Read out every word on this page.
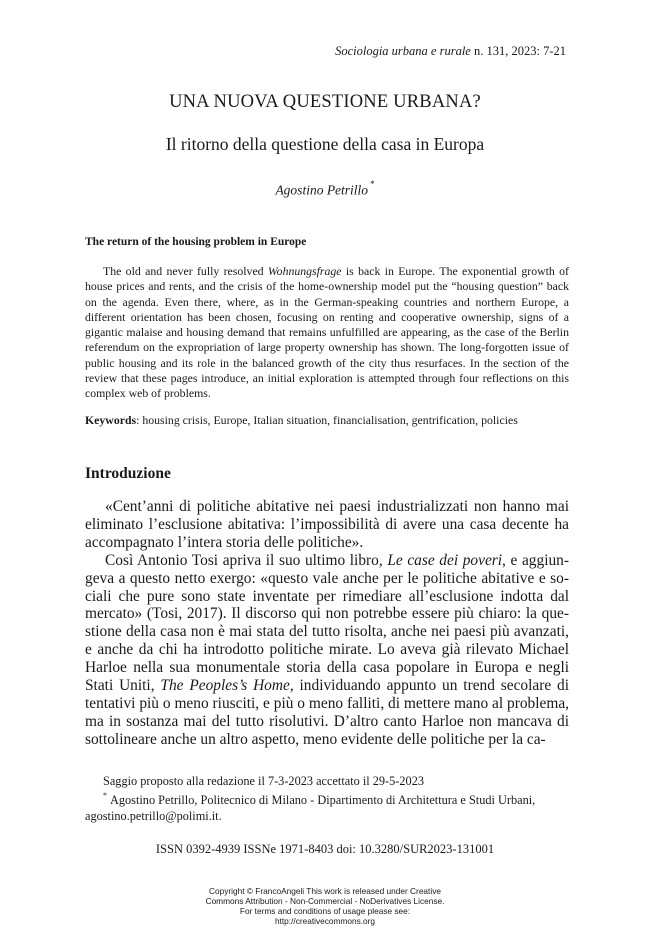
Sociologia urbana e rurale n. 131, 2023: 7-21
UNA NUOVA QUESTIONE URBANA?
Il ritorno della questione della casa in Europa
Agostino Petrillo *
The return of the housing problem in Europe

The old and never fully resolved Wohnungsfrage is back in Europe. The exponential growth of house prices and rents, and the crisis of the home-ownership model put the “housing question” back on the agenda. Even there, where, as in the German-speaking countries and northern Europe, a different orientation has been chosen, focusing on renting and cooperative ownership, signs of a gigantic malaise and housing demand that remains unfulfilled are appearing, as the case of the Berlin referendum on the expropriation of large property ownership has shown. The long-forgotten issue of public housing and its role in the balanced growth of the city thus resurfaces. In the section of the review that these pages introduce, an initial exploration is attempted through four reflections on this complex web of problems.

Keywords: housing crisis, Europe, Italian situation, financialisation, gentrification, policies
Introduzione

«Cent’anni di politiche abitative nei paesi industrializzati non hanno mai eliminato l’esclusione abitativa: l’impossibilità di avere una casa decente ha accompagnato l’intera storia delle politiche».

Così Antonio Tosi apriva il suo ultimo libro, Le case dei poveri, e aggiungeva a questo netto exergo: «questo vale anche per le politiche abitative e sociali che pure sono state inventate per rimediare all’esclusione indotta dal mercato» (Tosi, 2017). Il discorso qui non potrebbe essere più chiaro: la questione della casa non è mai stata del tutto risolta, anche nei paesi più avanzati, e anche da chi ha introdotto politiche mirate. Lo aveva già rilevato Michael Harloe nella sua monumentale storia della casa popolare in Europa e negli Stati Uniti, The Peoples’s Home, individuando appunto un trend secolare di tentativi più o meno riusciti, e più o meno falliti, di mettere mano al problema, ma in sostanza mai del tutto risolutivi. D’altro canto Harloe non mancava di sottolineare anche un altro aspetto, meno evidente delle politiche per la ca-

Saggio proposto alla redazione il 7-3-2023 accettato il 29-5-2023
* Agostino Petrillo, Politecnico di Milano - Dipartimento di Architettura e Studi Urbani, agostino.petrillo@polimi.it.
ISSN 0392-4939 ISSNe 1971-8403 doi: 10.3280/SUR2023-131001
Copyright © FrancoAngeli This work is released under Creative
Commons Attribution - Non-Commercial - NoDerivatives License.
For terms and conditions of usage please see:
http://creativecommons.org
